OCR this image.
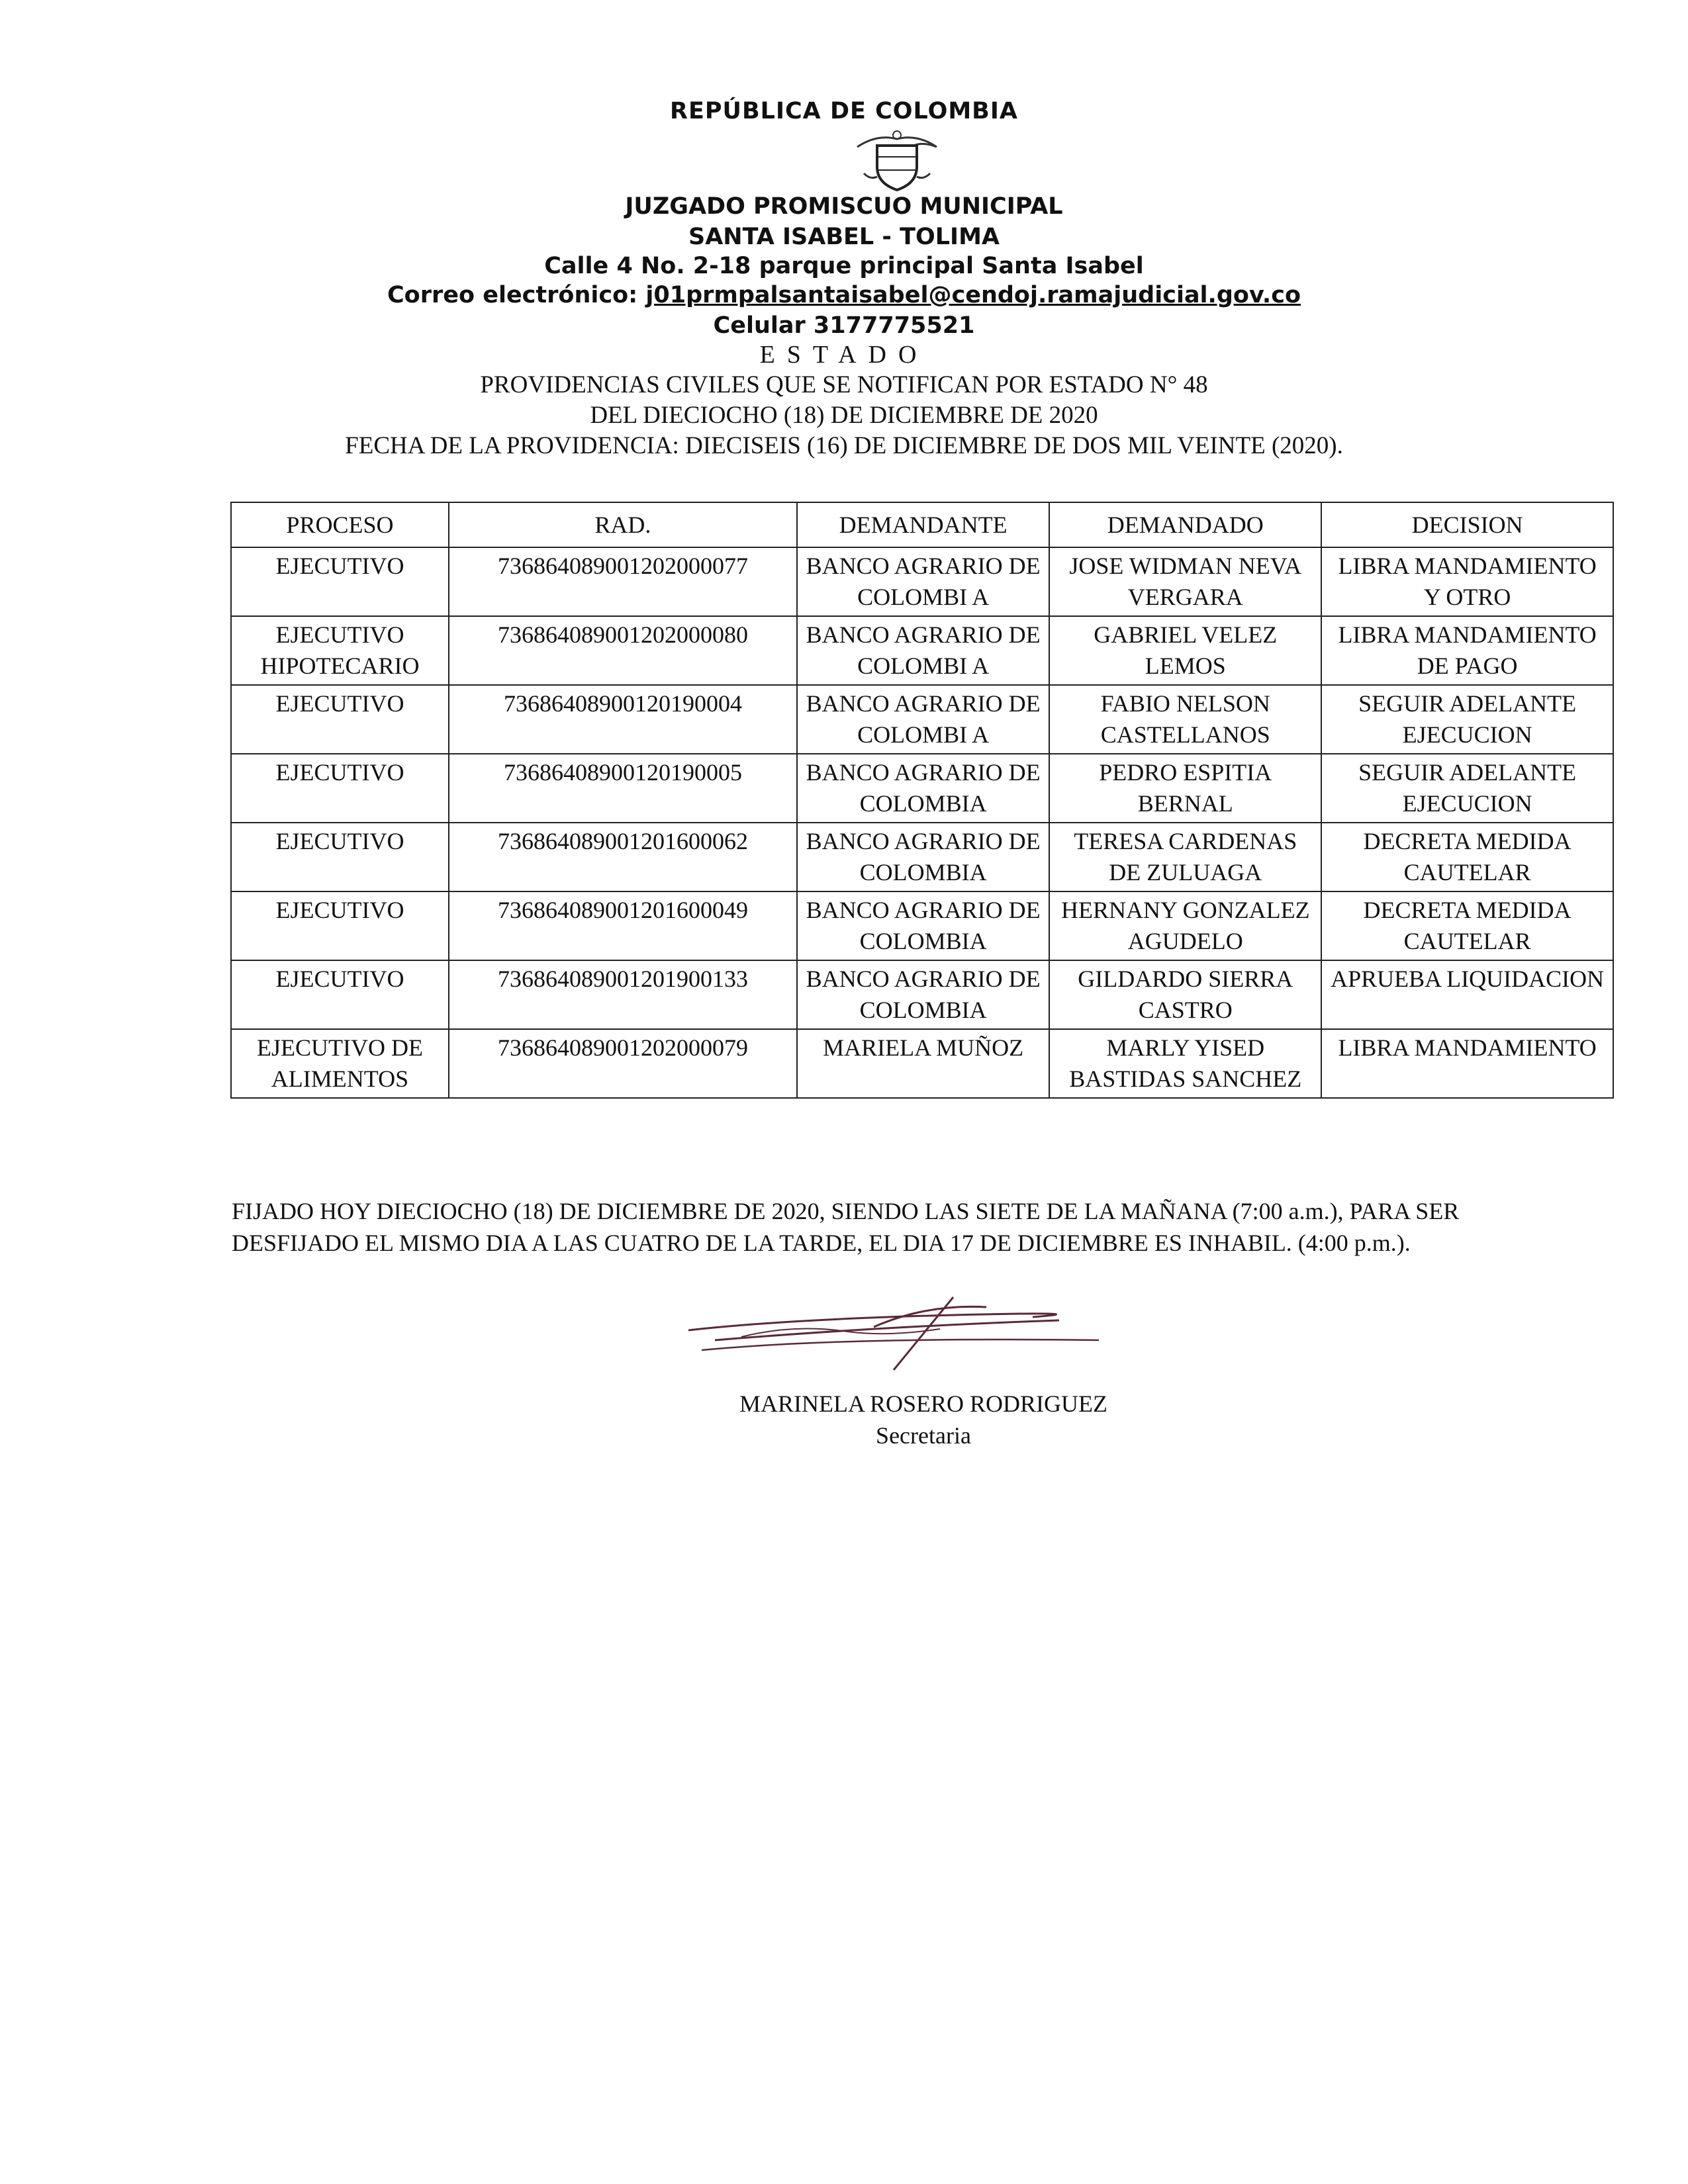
REPÚBLICA DE COLOMBIA
JUZGADO PROMISCUO MUNICIPAL
SANTA ISABEL - TOLIMA
Calle 4 No. 2-18 parque principal Santa Isabel
Correo electrónico: j01prmpalsantaisabel@cendoj.ramajudicial.gov.co
Celular 3177775521
ESTADO
PROVIDENCIAS CIVILES QUE SE NOTIFICAN POR ESTADO N° 48
DEL DIECIOCHO (18) DE DICIEMBRE DE 2020
FECHA DE LA PROVIDENCIA: DIECISEIS (16) DE DICIEMBRE DE DOS MIL VEINTE (2020).
PROCESO	RAD.	DEMANDANTE	DEMANDADO	DECISION
EJECUTIVO	73686408900120200007​7	BANCO AGRARIO DE COLOMBI A	JOSE WIDMAN NEVA VERGARA	LIBRA MANDAMIENTO Y OTRO
EJECUTIVO HIPOTECARIO	736864089001202000080	BANCO AGRARIO DE COLOMBI A	GABRIEL VELEZ LEMOS	LIBRA MANDAMIENTO DE PAGO
EJECUTIVO	7368640890012019000​4	BANCO AGRARIO DE COLOMBI A	FABIO NELSON CASTELLANOS	SEGUIR ADELANTE EJECUCION
EJECUTIVO	73686408900120190005	BANCO AGRARIO DE COLOMBIA	PEDRO ESPITIA BERNAL	SEGUIR ADELANTE EJECUCION
EJECUTIVO	736864089001201600062	BANCO AGRARIO DE COLOMBIA	TERESA CARDENAS DE ZULUAGA	DECRETA MEDIDA CAUTELAR
EJECUTIVO	736864089001201600049	BANCO AGRARIO DE COLOMBIA	HERNANY GONZALEZ AGUDELO	DECRETA MEDIDA CAUTELAR
EJECUTIVO	736864089001201900133	BANCO AGRARIO DE COLOMBIA	GILDARDO SIERRA CASTRO	APRUEBA LIQUIDACION
EJECUTIVO DE ALIMENTOS	736864089001202000079	MARIELA MUÑOZ	MARLY YISED BASTIDAS SANCHEZ	LIBRA MANDAMIENTO
FIJADO HOY DIECIOCHO (18) DE DICIEMBRE DE 2020, SIENDO LAS SIETE DE LA MAÑANA (7:00 a.m.), PARA SER DESFIJADO EL MISMO DIA A LAS CUATRO DE LA TARDE, EL DIA 17 DE DICIEMBRE ES INHABIL. (4:00 p.m.).
MARINELA ROSERO RODRIGUEZ
Secretaria
